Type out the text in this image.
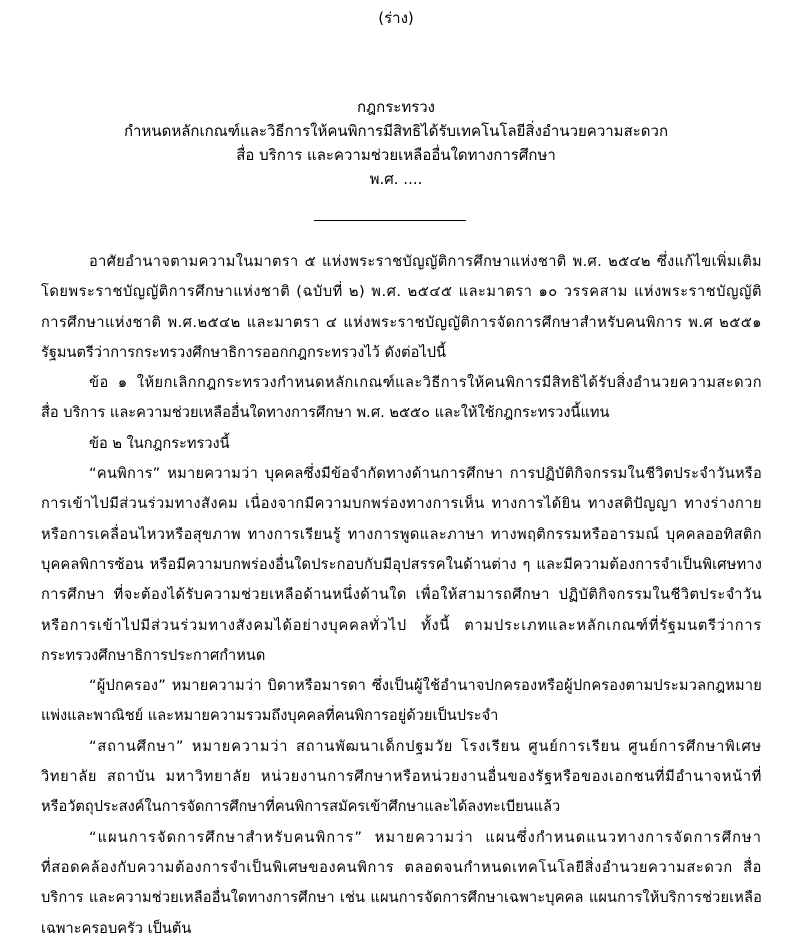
(ร่าง)
กฎกระทรวง
กำหนดหลักเกณฑ์และวิธีการให้คนพิการมีสิทธิได้รับเทคโนโลยีสิ่งอำนวยความสะดวก
สื่อ บริการ และความช่วยเหลืออื่นใดทางการศึกษา
พ.ศ. ....
อาศัยอำนาจตามความในมาตรา ๕ แห่งพระราชบัญญัติการศึกษาแห่งชาติ พ.ศ. ๒๕๔๒ ซึ่งแก้ไขเพิ่มเติม
โดยพระราชบัญญัติการศึกษาแห่งชาติ (ฉบับที่ ๒) พ.ศ. ๒๕๔๕ และมาตรา ๑๐ วรรคสาม แห่งพระราชบัญญัติ
การศึกษาแห่งชาติ พ.ศ.๒๕๔๒ และมาตรา ๔ แห่งพระราชบัญญัติการจัดการศึกษาสำหรับคนพิการ พ.ศ ๒๕๕๑
รัฐมนตรีว่าการกระทรวงศึกษาธิการออกกฎกระทรวงไว้ ดังต่อไปนี้
ข้อ ๑ ให้ยกเลิกกฎกระทรวงกำหนดหลักเกณฑ์และวิธีการให้คนพิการมีสิทธิได้รับสิ่งอำนวยความสะดวก
สื่อ บริการ และความช่วยเหลืออื่นใดทางการศึกษา พ.ศ. ๒๕๕๐ และให้ใช้กฎกระทรวงนี้แทน
ข้อ ๒ ในกฎกระทรวงนี้
“คนพิการ” หมายความว่า บุคคลซึ่งมีข้อจำกัดทางด้านการศึกษา การปฏิบัติกิจกรรมในชีวิตประจำวันหรือ
การเข้าไปมีส่วนร่วมทางสังคม เนื่องจากมีความบกพร่องทางการเห็น ทางการได้ยิน ทางสติปัญญา ทางร่างกาย
หรือการเคลื่อนไหวหรือสุขภาพ ทางการเรียนรู้ ทางการพูดและภาษา ทางพฤติกรรมหรืออารมณ์ บุคคลออทิสติก
บุคคลพิการซ้อน หรือมีความบกพร่องอื่นใดประกอบกับมีอุปสรรคในด้านต่าง ๆ และมีความต้องการจำเป็นพิเศษทาง
การศึกษา ที่จะต้องได้รับความช่วยเหลือด้านหนึ่งด้านใด เพื่อให้สามารถศึกษา ปฏิบัติกิจกรรมในชีวิตประจำวัน
หรือการเข้าไปมีส่วนร่วมทางสังคมได้อย่างบุคคลทั่วไป ทั้งนี้ ตามประเภทและหลักเกณฑ์ที่รัฐมนตรีว่าการ
กระทรวงศึกษาธิการประกาศกำหนด
“ผู้ปกครอง” หมายความว่า บิดาหรือมารดา ซึ่งเป็นผู้ใช้อำนาจปกครองหรือผู้ปกครองตามประมวลกฎหมาย
แพ่งและพาณิชย์ และหมายความรวมถึงบุคคลที่คนพิการอยู่ด้วยเป็นประจำ
“สถานศึกษา” หมายความว่า สถานพัฒนาเด็กปฐมวัย โรงเรียน ศูนย์การเรียน ศูนย์การศึกษาพิเศษ
วิทยาลัย สถาบัน มหาวิทยาลัย หน่วยงานการศึกษาหรือหน่วยงานอื่นของรัฐหรือของเอกชนที่มีอำนาจหน้าที่
หรือวัตถุประสงค์ในการจัดการศึกษาที่คนพิการสมัครเข้าศึกษาและได้ลงทะเบียนแล้ว
“แผนการจัดการศึกษาสำหรับคนพิการ” หมายความว่า แผนซึ่งกำหนดแนวทางการจัดการศึกษา
ที่สอดคล้องกับความต้องการจำเป็นพิเศษของคนพิการ ตลอดจนกำหนดเทคโนโลยีสิ่งอำนวยความสะดวก สื่อ
บริการ และความช่วยเหลืออื่นใดทางการศึกษา เช่น แผนการจัดการศึกษาเฉพาะบุคคล แผนการให้บริการช่วยเหลือ
เฉพาะครอบครัว เป็นต้น
